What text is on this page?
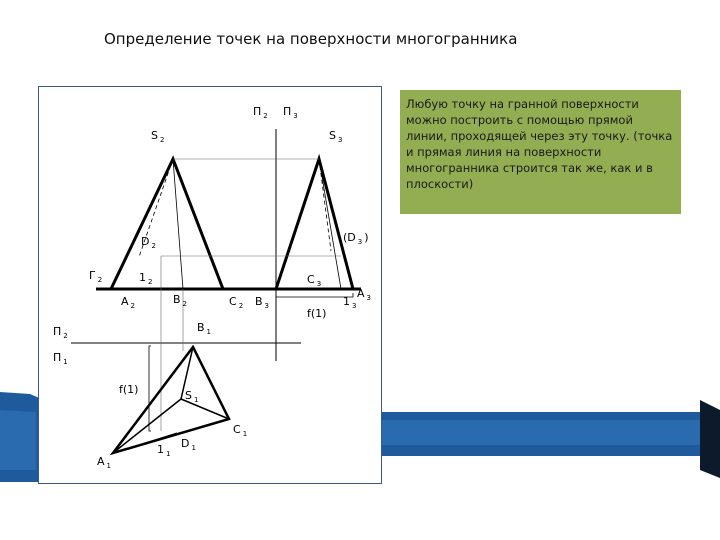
Определение точек на поверхности многогранника
S $_2$	S $_3$
П $_2$ П $_3$
D $_2$
(D $_3$ )
Г $_2$	1 $_2$
A $_2$	B $_2$	C $_2$ B $_3$
C $_3$
1 $_3$
A $_3$
f(1)
П $_2$
П $_1$
B $_1$
f(1)	S $_1$
C $_1$
1 $_1$
D $_1$
A $_1$
Любую точку на гранной поверхности можно построить с помощью прямой линии, проходящей через эту точку. (точка и прямая линия на поверхности многогранника строится так же, как и в плоскости)
